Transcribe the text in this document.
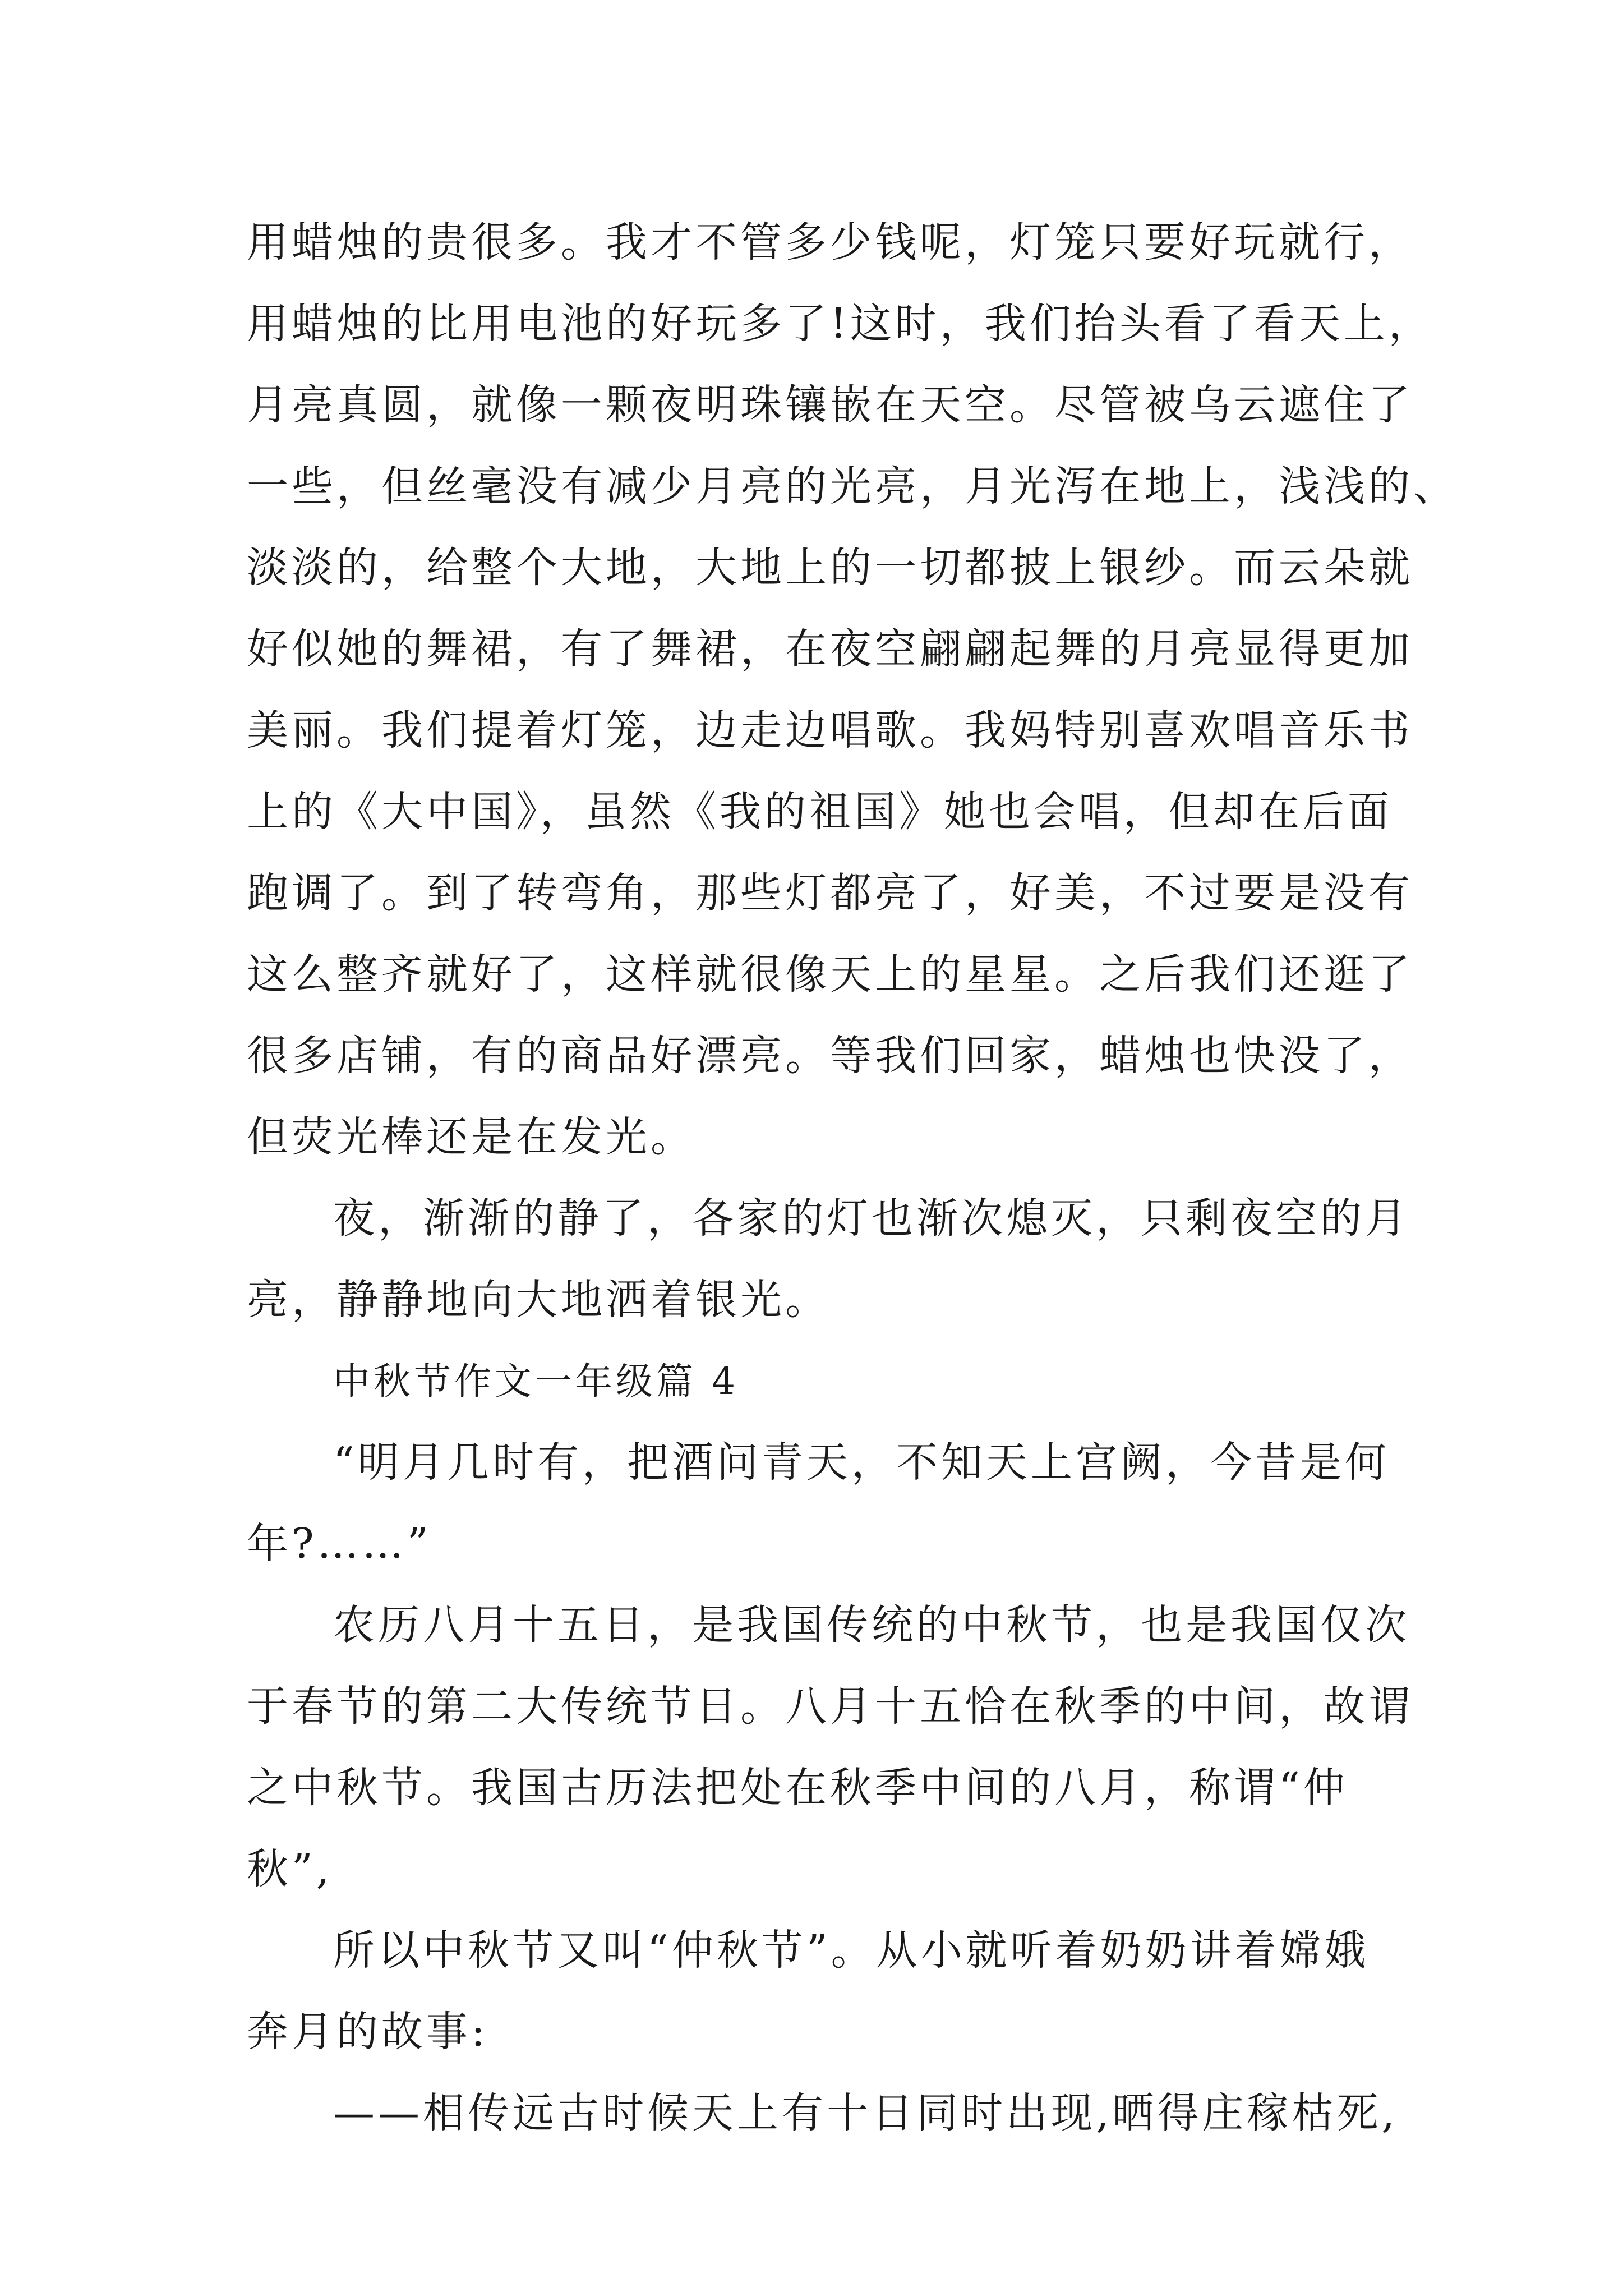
用蜡烛的贵很多。我才不管多少钱呢，灯笼只要好玩就行，
用蜡烛的比用电池的好玩多了!这时，我们抬头看了看天上，
月亮真圆，就像一颗夜明珠镶嵌在天空。尽管被乌云遮住了
一些，但丝毫没有减少月亮的光亮，月光泻在地上，浅浅的、
淡淡的，给整个大地，大地上的一切都披上银纱。而云朵就
好似她的舞裙，有了舞裙，在夜空翩翩起舞的月亮显得更加
美丽。我们提着灯笼，边走边唱歌。我妈特别喜欢唱音乐书
上的《大中国》，虽然《我的祖国》她也会唱，但却在后面
跑调了。到了转弯角，那些灯都亮了，好美，不过要是没有
这么整齐就好了，这样就很像天上的星星。之后我们还逛了
很多店铺，有的商品好漂亮。等我们回家，蜡烛也快没了，
但荧光棒还是在发光。
夜，渐渐的静了，各家的灯也渐次熄灭，只剩夜空的月
亮，静静地向大地洒着银光。
中秋节作文一年级篇 4
“明月几时有，把酒问青天，不知天上宫阙，今昔是何
年?……”
农历八月十五日，是我国传统的中秋节，也是我国仅次
于春节的第二大传统节日。八月十五恰在秋季的中间，故谓
之中秋节。我国古历法把处在秋季中间的八月，称谓“仲
秋”,
所以中秋节又叫“仲秋节”。从小就听着奶奶讲着嫦娥
奔月的故事:
——相传远古时候天上有十日同时出现,晒得庄稼枯死,
